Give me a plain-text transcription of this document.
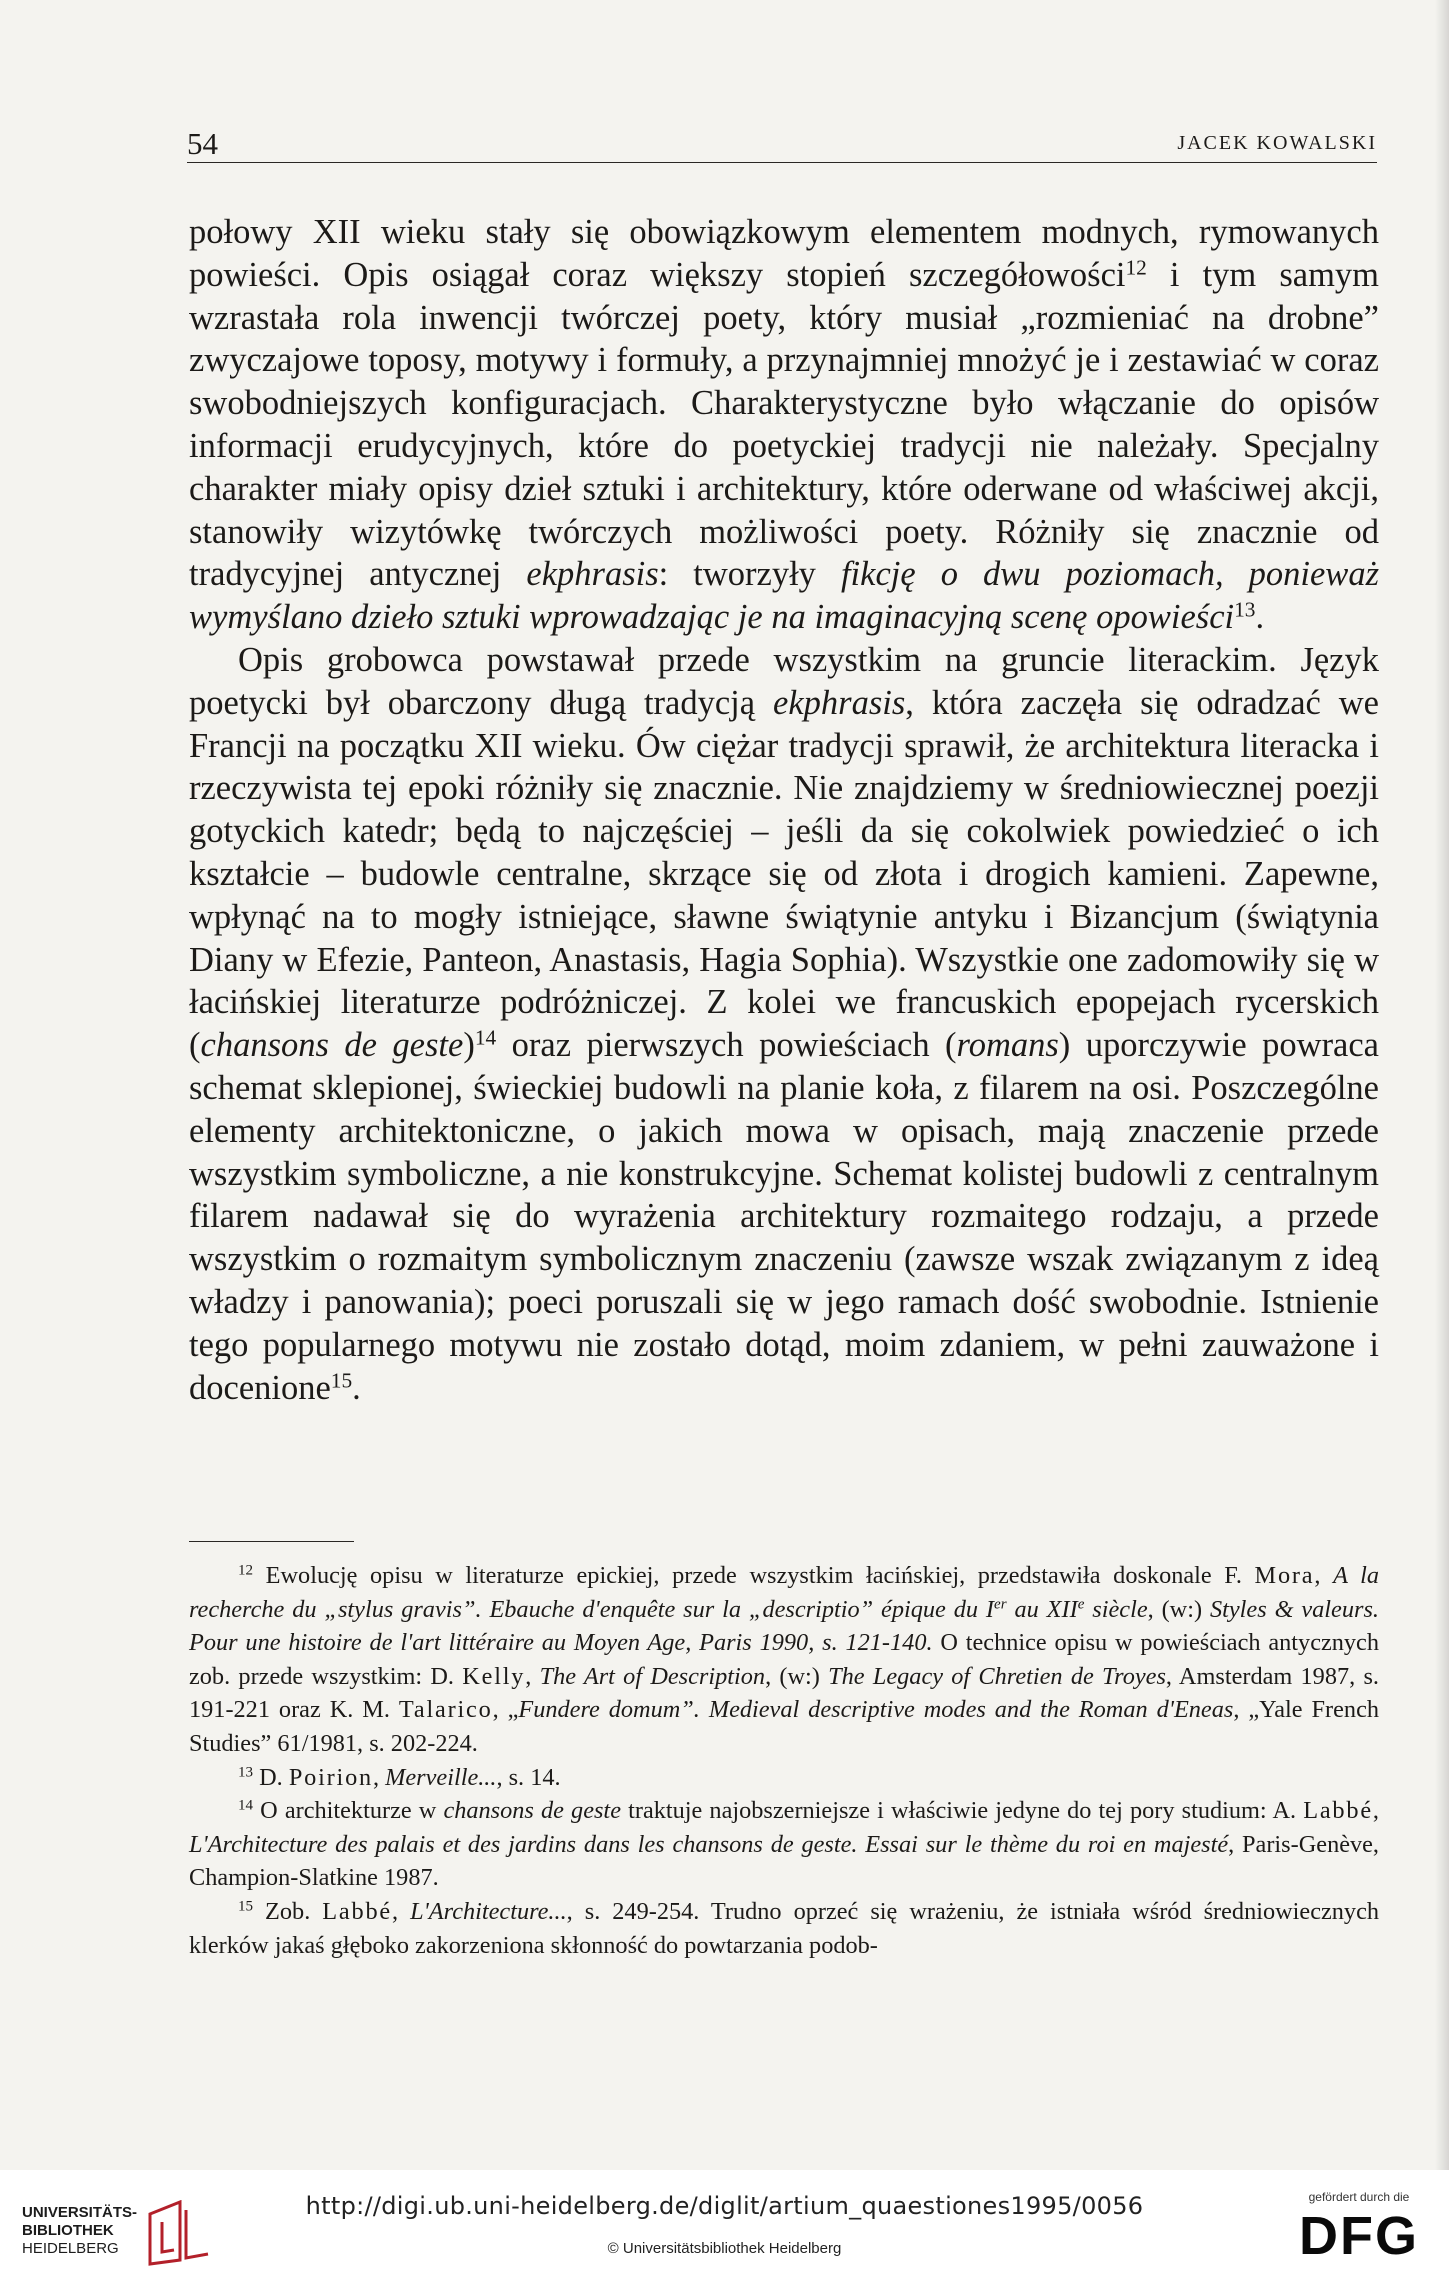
54	JACEK KOWALSKI

połowy XII wieku stały się obowiązkowym elementem modnych, rymowanych powieści. Opis osiągał coraz większy stopień szczegółowości$^{12}$ i tym samym wzrastała rola inwencji twórczej poety, który musiał „rozmieniać na drobne” zwyczajowe toposy, motywy i formuły, a przynajmniej mnożyć je i zestawiać w coraz swobodniejszych konfiguracjach. Charakterystyczne było włączanie do opisów informacji erudycyjnych, które do poetyckiej tradycji nie należały. Specjalny charakter miały opisy dzieł sztuki i architektury, które oderwane od właściwej akcji, stanowiły wizytówkę twórczych możliwości poety. Różniły się znacznie od tradycyjnej antycznej ekphrasis: tworzyły fikcję o dwu poziomach, ponieważ wymyślano dzieło sztuki wprowadzając je na imaginacyjną scenę opowieści$^{13}$.

Opis grobowca powstawał przede wszystkim na gruncie literackim. Język poetycki był obarczony długą tradycją ekphrasis, która zaczęła się odradzać we Francji na początku XII wieku. Ów ciężar tradycji sprawił, że architektura literacka i rzeczywista tej epoki różniły się znacznie. Nie znajdziemy w średniowiecznej poezji gotyckich katedr; będą to najczęściej – jeśli da się cokolwiek powiedzieć o ich kształcie – budowle centralne, skrzące się od złota i drogich kamieni. Zapewne, wpłynąć na to mogły istniejące, sławne świątynie antyku i Bizancjum (świątynia Diany w Efezie, Panteon, Anastasis, Hagia Sophia). Wszystkie one zadomowiły się w łacińskiej literaturze podróżniczej. Z kolei we francuskich epopejach rycerskich (chansons de geste)$^{14}$ oraz pierwszych powieściach (romans) uporczywie powraca schemat sklepionej, świeckiej budowli na planie koła, z filarem na osi. Poszczególne elementy architektoniczne, o jakich mowa w opisach, mają znaczenie przede wszystkim symboliczne, a nie konstrukcyjne. Schemat kolistej budowli z centralnym filarem nadawał się do wyrażenia architektury rozmaitego rodzaju, a przede wszystkim o rozmaitym symbolicznym znaczeniu (zawsze wszak związanym z ideą władzy i panowania); poeci poruszali się w jego ramach dość swobodnie. Istnienie tego popularnego motywu nie zostało dotąd, moim zdaniem, w pełni zauważone i docenione$^{15}$.

$^{12}$ Ewolucję opisu w literaturze epickiej, przede wszystkim łacińskiej, przedstawiła doskonale F. Mora, A la recherche du „stylus gravis”. Ebauche d'enquête sur la „descriptio” épique du Ier au XIIe siècle, (w:) Styles & valeurs. Pour une histoire de l'art littéraire au Moyen Age, Paris 1990, s. 121-140. O technice opisu w powieściach antycznych zob. przede wszystkim: D. Kelly, The Art of Description, (w:) The Legacy of Chretien de Troyes, Amsterdam 1987, s. 191-221 oraz K. M. Talarico, „Fundere domum”. Medieval descriptive modes and the Roman d'Eneas, „Yale French Studies” 61/1981, s. 202-224.

$^{13}$ D. Poirion, Merveille..., s. 14.

$^{14}$ O architekturze w chansons de geste traktuje najobszerniejsze i właściwie jedyne do tej pory studium: A. Labbé, L'Architecture des palais et des jardins dans les chansons de geste. Essai sur le thème du roi en majesté, Paris-Genève, Champion-Slatkine 1987.

$^{15}$ Zob. Labbé, L'Architecture..., s. 249-254. Trudno oprzeć się wrażeniu, że istniała wśród średniowiecznych klerków jakaś głęboko zakorzeniona skłonność do powtarzania podob-

UNIVERSITÄTS-
BIBLIOTHEK
HEIDELBERG
http://digi.ub.uni-heidelberg.de/diglit/artium_quaestiones1995/0056
© Universitätsbibliothek Heidelberg
gefördert durch die
DFG
